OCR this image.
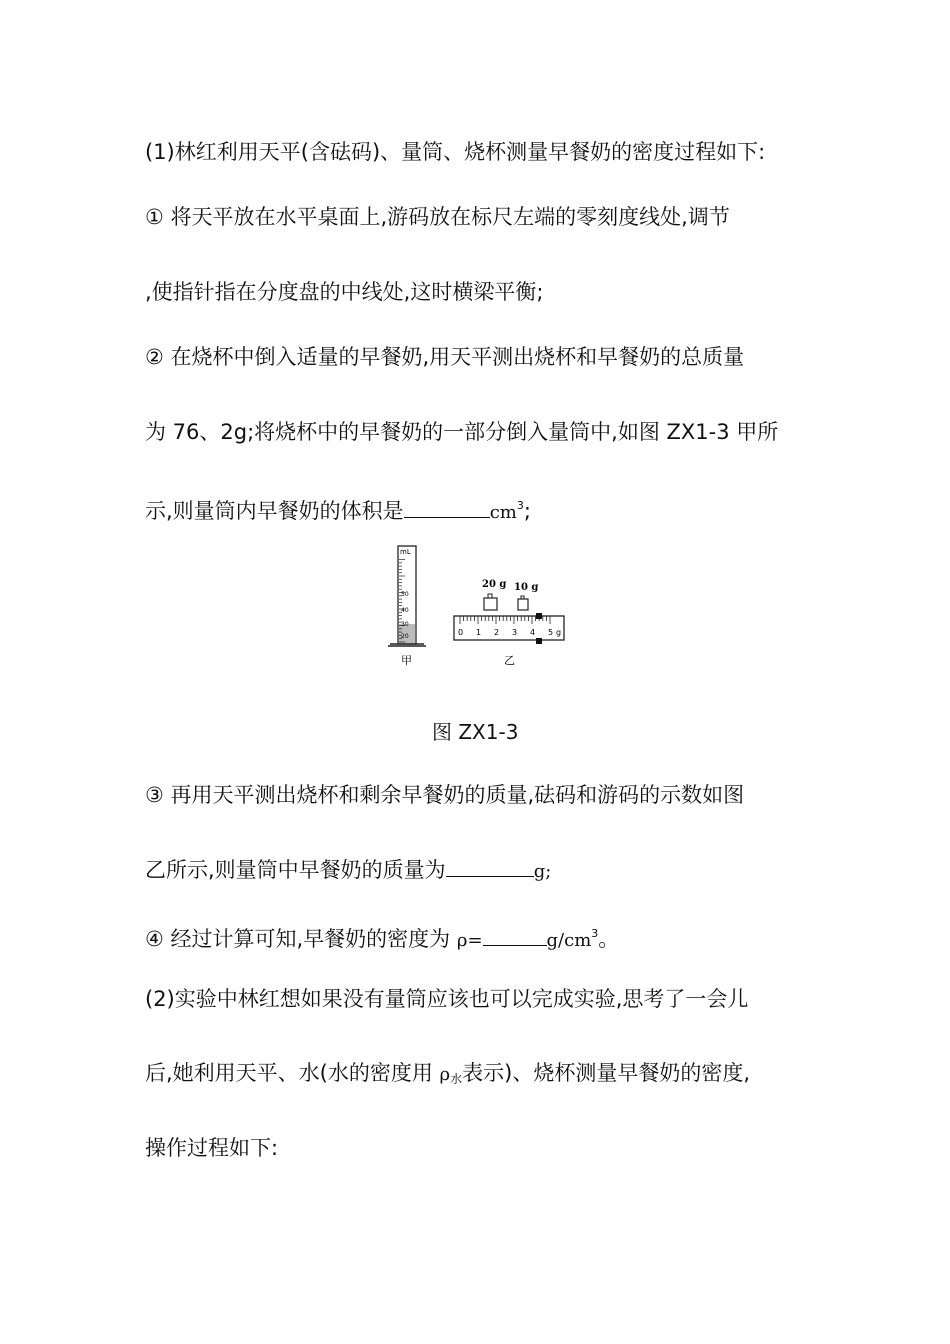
(1)林红利用天平(含砝码)、量筒、烧杯测量早餐奶的密度过程如下:
① 将天平放在水平桌面上,游码放在标尺左端的零刻度线处,调节
,使指针指在分度盘的中线处,这时横梁平衡;
② 在烧杯中倒入适量的早餐奶,用天平测出烧杯和早餐奶的总质量
为 76、2g;将烧杯中的早餐奶的一部分倒入量筒中,如图 ZX1-3 甲所
示,则量筒内早餐奶的体积是	$cm^3$;
mL
50
40
30
20
甲
20 g 10 g
0 1 2 3 4 5 g
乙
图 ZX1-3
③ 再用天平测出烧杯和剩余早餐奶的质量,砝码和游码的示数如图
乙所示,则量筒中早餐奶的质量为	g;
④ 经过计算可知,早餐奶的密度为 ρ=	$g/cm^3$。
(2)实验中林红想如果没有量筒应该也可以完成实验,思考了一会儿
后,她利用天平、水(水的密度用 $\rho_水$表示)、烧杯测量早餐奶的密度,
操作过程如下:
